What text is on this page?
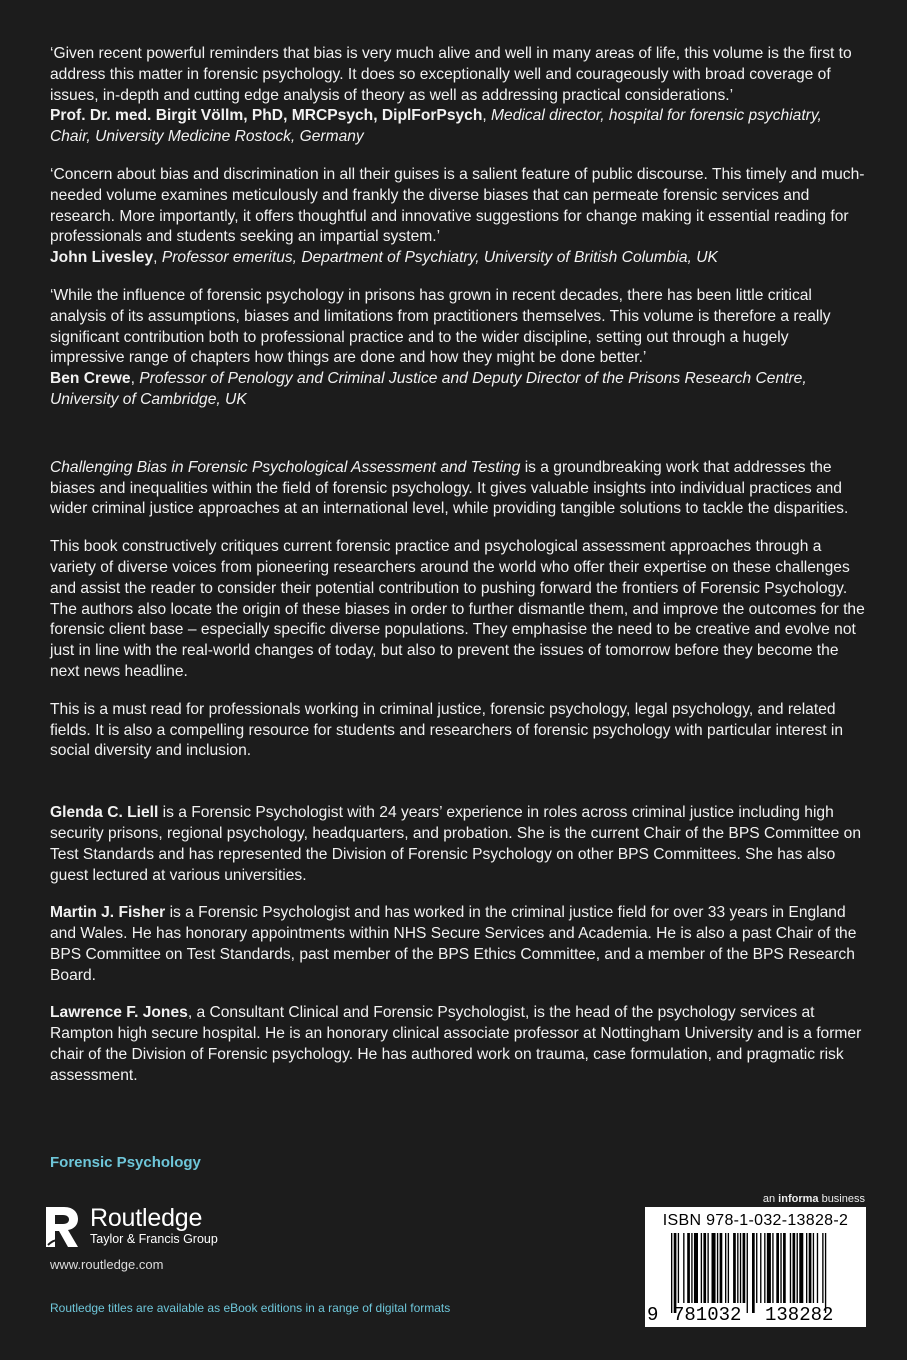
‘Given recent powerful reminders that bias is very much alive and well in many areas of life, this volume is the first to address this matter in forensic psychology. It does so exceptionally well and courageously with broad coverage of issues, in-depth and cutting edge analysis of theory as well as addressing practical considerations.’

Prof. Dr. med. Birgit Völlm, PhD, MRCPsych, DiplForPsych, Medical director, hospital for forensic psychiatry, Chair, University Medicine Rostock, Germany

‘Concern about bias and discrimination in all their guises is a salient feature of public discourse. This timely and much-needed volume examines meticulously and frankly the diverse biases that can permeate forensic services and research. More importantly, it offers thoughtful and innovative suggestions for change making it essential reading for professionals and students seeking an impartial system.’

John Livesley, Professor emeritus, Department of Psychiatry, University of British Columbia, UK

‘While the influence of forensic psychology in prisons has grown in recent decades, there has been little critical analysis of its assumptions, biases and limitations from practitioners themselves. This volume is therefore a really significant contribution both to professional practice and to the wider discipline, setting out through a hugely impressive range of chapters how things are done and how they might be done better.’

Ben Crewe, Professor of Penology and Criminal Justice and Deputy Director of the Prisons Research Centre, University of Cambridge, UK

Challenging Bias in Forensic Psychological Assessment and Testing is a groundbreaking work that addresses the biases and inequalities within the field of forensic psychology. It gives valuable insights into individual practices and wider criminal justice approaches at an international level, while providing tangible solutions to tackle the disparities.

This book constructively critiques current forensic practice and psychological assessment approaches through a variety of diverse voices from pioneering researchers around the world who offer their expertise on these challenges and assist the reader to consider their potential contribution to pushing forward the frontiers of Forensic Psychology. The authors also locate the origin of these biases in order to further dismantle them, and improve the outcomes for the forensic client base – especially specific diverse populations. They emphasise the need to be creative and evolve not just in line with the real-world changes of today, but also to prevent the issues of tomorrow before they become the next news headline.

This is a must read for professionals working in criminal justice, forensic psychology, legal psychology, and related fields. It is also a compelling resource for students and researchers of forensic psychology with particular interest in social diversity and inclusion.

Glenda C. Liell is a Forensic Psychologist with 24 years’ experience in roles across criminal justice including high security prisons, regional psychology, headquarters, and probation. She is the current Chair of the BPS Committee on Test Standards and has represented the Division of Forensic Psychology on other BPS Committees. She has also guest lectured at various universities.

Martin J. Fisher is a Forensic Psychologist and has worked in the criminal justice field for over 33 years in England and Wales. He has honorary appointments within NHS Secure Services and Academia. He is also a past Chair of the BPS Committee on Test Standards, past member of the BPS Ethics Committee, and a member of the BPS Research Board.

Lawrence F. Jones, a Consultant Clinical and Forensic Psychologist, is the head of the psychology services at Rampton high secure hospital. He is an honorary clinical associate professor at Nottingham University and is a former chair of the Division of Forensic psychology. He has authored work on trauma, case formulation, and pragmatic risk assessment.

Forensic Psychology
Routledge
Taylor & Francis Group
www.routledge.com
Routledge titles are available as eBook editions in a range of digital formats
an informa business
ISBN 978-1-032-13828-2
9 781032 138282
